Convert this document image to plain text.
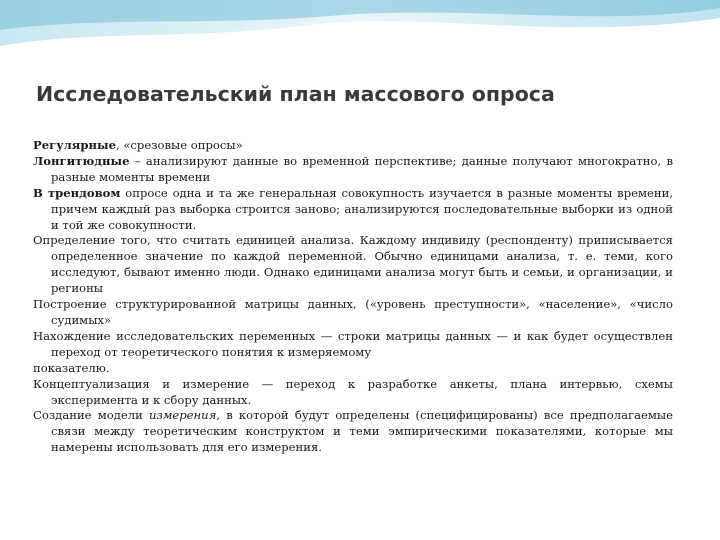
Исследовательский план массового опроса

Регулярные, «срезовые опросы»

Лонгитюдные – анализируют данные во временной перспективе; данные получают многократно, в разные моменты времени

В трендовом опросе одна и та же генеральная совокупность изучается в разные моменты времени, причем каждый раз выборка строится заново; анализируются последовательные выборки из одной и той же совокупности.

Определение того, что считать единицей анализа. Каждому индивиду (респонденту) приписывается определенное значение по каждой переменной. Обычно единицами анализа, т. е. теми, кого исследуют, бывают именно люди. Однако единицами анализа могут быть и семьи, и организации, и регионы

Построение структурированной матрицы данных, («уровень преступности», «население», «число судимых»

Нахождение исследовательских переменных — строки матрицы данных — и как будет осуществлен переход от теоретического понятия к измеряемому

показателю.

Концептуализация и измерение — переход к разработке анкеты, плана интервью, схемы эксперимента и к сбору данных.

Создание модели измерения, в которой будут определены (специфицированы) все предполагаемые связи между теоретическим конструктом и теми эмпирическими показателями, которые мы намерены использовать для его измерения.
